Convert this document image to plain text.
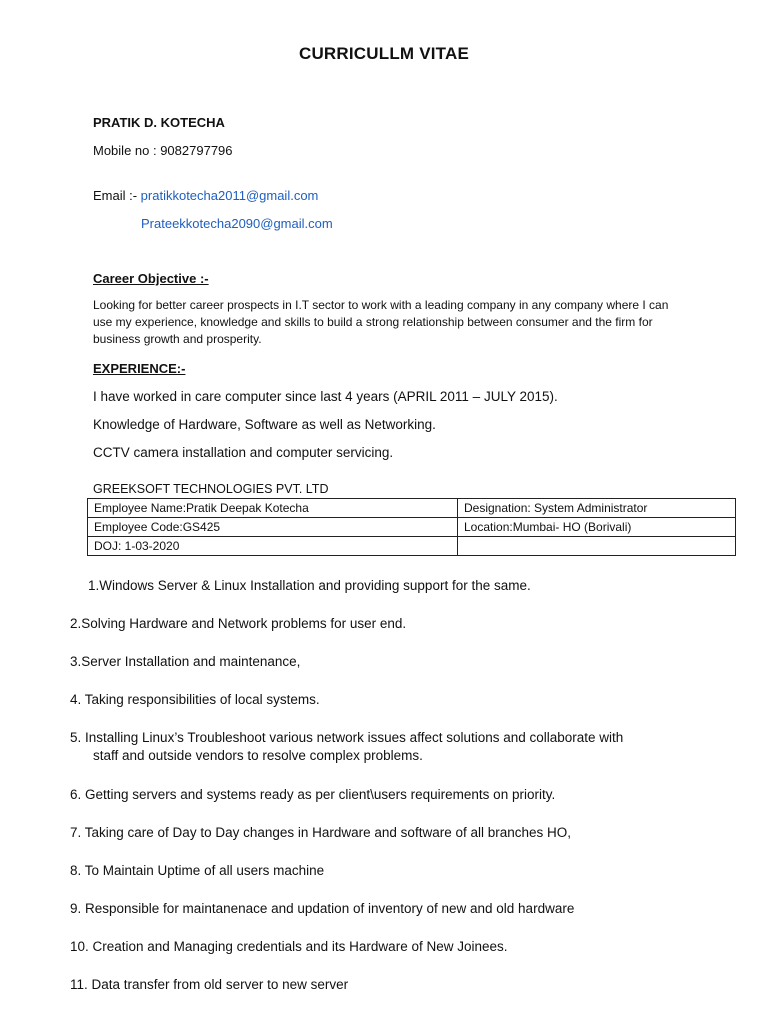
CURRICULLM VITAE
PRATIK D. KOTECHA
Mobile no : 9082797796
Email :- pratikkotecha2011@gmail.com
Prateekkotecha2090@gmail.com
Career Objective :-
Looking for better career prospects in I.T sector to work with a leading company in any company where I can use my experience, knowledge and skills to build a strong relationship between consumer and the firm for business growth and prosperity.
EXPERIENCE:-
I have worked in care computer since last 4 years (APRIL 2011 – JULY 2015).
Knowledge of Hardware, Software as well as Networking.
CCTV camera installation and computer servicing.
GREEKSOFT TECHNOLOGIES PVT. LTD
Employee Name:Pratik Deepak Kotecha	Designation: System Administrator
Employee Code:GS425	Location:Mumbai- HO (Borivali)
DOJ: 1-03-2020	
1.Windows Server & Linux Installation and providing support for the same.
2.Solving Hardware and Network problems for user end.
3.Server Installation and maintenance,
4. Taking responsibilities of local systems.
5. Installing Linux’s Troubleshoot various network issues affect solutions and collaborate with
staff and outside vendors to resolve complex problems.
6. Getting servers and systems ready as per client\users requirements on priority.
7. Taking care of Day to Day changes in Hardware and software of all branches HO,
8. To Maintain Uptime of all users machine
9. Responsible for maintanenace and updation of inventory of new and old hardware
10. Creation and Managing credentials and its Hardware of New Joinees.
11. Data transfer from old server to new server
